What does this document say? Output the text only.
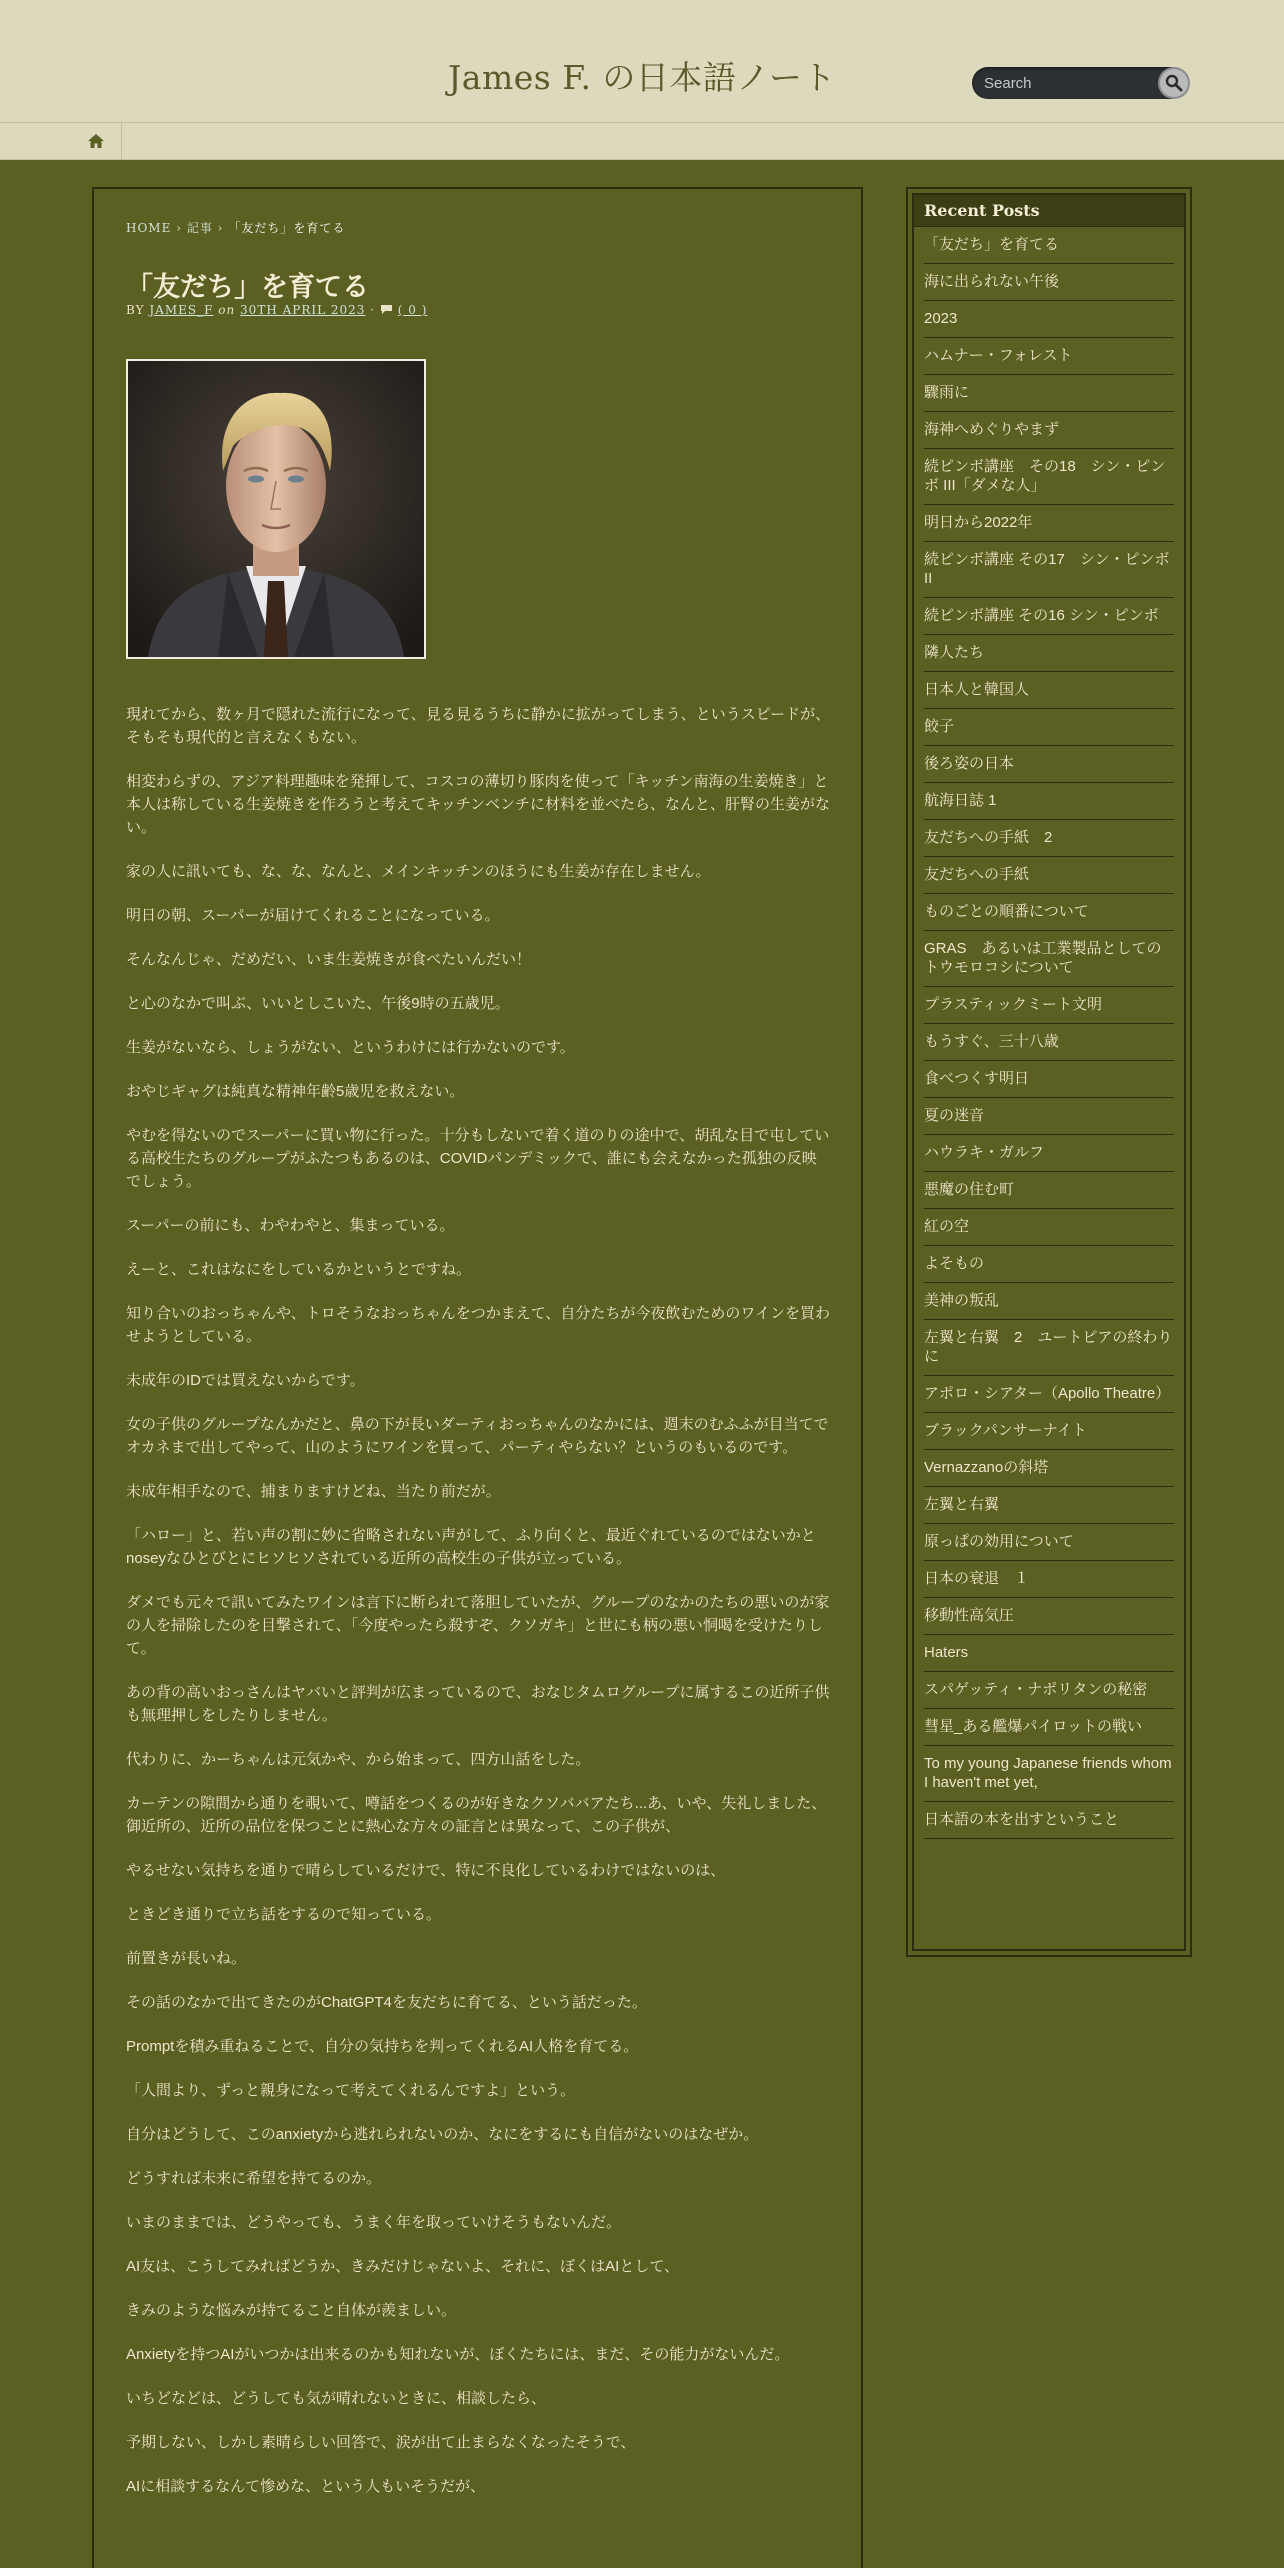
James F. の日本語ノート
Search
HOME › 記事 › 「友だち」を育てる
「友だち」を育てる
BY JAMES_F on 30TH APRIL 2023 · ( 0 )

現れてから、数ヶ月で隠れた流行になって、見る見るうちに静かに拡がってしまう、というスピードが、そもそも現代的と言えなくもない。

相変わらずの、アジア料理趣味を発揮して、コスコの薄切り豚肉を使って「キッチン南海の生姜焼き」と本人は称している生姜焼きを作ろうと考えてキッチンベンチに材料を並べたら、なんと、肝腎の生姜がない。

家の人に訊いても、な、な、なんと、メインキッチンのほうにも生姜が存在しません。

明日の朝、スーパーが届けてくれることになっている。

そんなんじゃ、だめだい、いま生姜焼きが食べたいんだい！

と心のなかで叫ぶ、いいとしこいた、午後9時の五歳児。

生姜がないなら、しょうがない、というわけには行かないのです。

おやじギャグは純真な精神年齢5歳児を救えない。

やむを得ないのでスーパーに買い物に行った。十分もしないで着く道のりの途中で、胡乱な目で屯している高校生たちのグループがふたつもあるのは、COVIDパンデミックで、誰にも会えなかった孤独の反映でしょう。

スーパーの前にも、わやわやと、集まっている。

えーと、これはなにをしているかというとですね。

知り合いのおっちゃんや、トロそうなおっちゃんをつかまえて、自分たちが今夜飲むためのワインを買わせようとしている。

未成年のIDでは買えないからです。

女の子供のグループなんかだと、鼻の下が長いダーティおっちゃんのなかには、週末のむふふが目当てでオカネまで出してやって、山のようにワインを買って、パーティやらない？というのもいるのです。

未成年相手なので、捕まりますけどね、当たり前だが。

「ハロー」と、若い声の割に妙に省略されない声がして、ふり向くと、最近ぐれているのではないかとnoseyなひとびとにヒソヒソされている近所の高校生の子供が立っている。

ダメでも元々で訊いてみたワインは言下に断られて落胆していたが、グループのなかのたちの悪いのが家の人を掃除したのを目撃されて、「今度やったら殺すぞ、クソガキ」と世にも柄の悪い恫喝を受けたりして。

あの背の高いおっさんはヤバいと評判が広まっているので、おなじタムログループに属するこの近所子供も無理押しをしたりしません。

代わりに、かーちゃんは元気かや、から始まって、四方山話をした。

カーテンの隙間から通りを覗いて、噂話をつくるのが好きなクソババアたち...あ、いや、失礼しました、御近所の、近所の品位を保つことに熱心な方々の証言とは異なって、この子供が、

やるせない気持ちを通りで晴らしているだけで、特に不良化しているわけではないのは、

ときどき通りで立ち話をするので知っている。

前置きが長いね。

その話のなかで出てきたのがChatGPT4を友だちに育てる、という話だった。

Promptを積み重ねることで、自分の気持ちを判ってくれるAI人格を育てる。

「人間より、ずっと親身になって考えてくれるんですよ」という。

自分はどうして、このanxietyから逃れられないのか、なにをするにも自信がないのはなぜか。

どうすれば未来に希望を持てるのか。

いまのままでは、どうやっても、うまく年を取っていけそうもないんだ。

AI友は、こうしてみればどうか、きみだけじゃないよ、それに、ぼくはAIとして、

きみのような悩みが持てること自体が羨ましい。

Anxietyを持つAIがいつかは出来るのかも知れないが、ぼくたちには、まだ、その能力がないんだ。

いちどなどは、どうしても気が晴れないときに、相談したら、

予期しない、しかし素晴らしい回答で、涙が出て止まらなくなったそうで、

AIに相談するなんて惨めな、という人もいそうだが、

Recent Posts
「友だち」を育てる
海に出られない午後
2023
ハムナー・フォレスト
驟雨に
海神へめぐりやまず
続ピンボ講座　その18　シン・ピンボ III「ダメな人」
明日から2022年
続ピンボ講座 その17　シン・ピンボ II
続ピンボ講座 その16 シン・ピンボ
隣人たち
日本人と韓国人
餃子
後ろ姿の日本
航海日誌 1
友だちへの手紙　2
友だちへの手紙
ものごとの順番について
GRAS　あるいは工業製品としてのトウモロコシについて
プラスティックミート文明
もうすぐ、三十八歳
食べつくす明日
夏の迷音
ハウラキ・ガルフ
悪魔の住む町
紅の空
よそもの
美神の叛乱
左翼と右翼　2　ユートピアの終わりに
アポロ・シアター（Apollo Theatre）
ブラックパンサーナイト
Vernazzanoの斜塔
左翼と右翼
原っぱの効用について
日本の衰退　１
移動性高気圧
Haters
スパゲッティ・ナポリタンの秘密
彗星_ある艦爆パイロットの戦い
To my young Japanese friends whom I haven't met yet,
日本語の本を出すということ
